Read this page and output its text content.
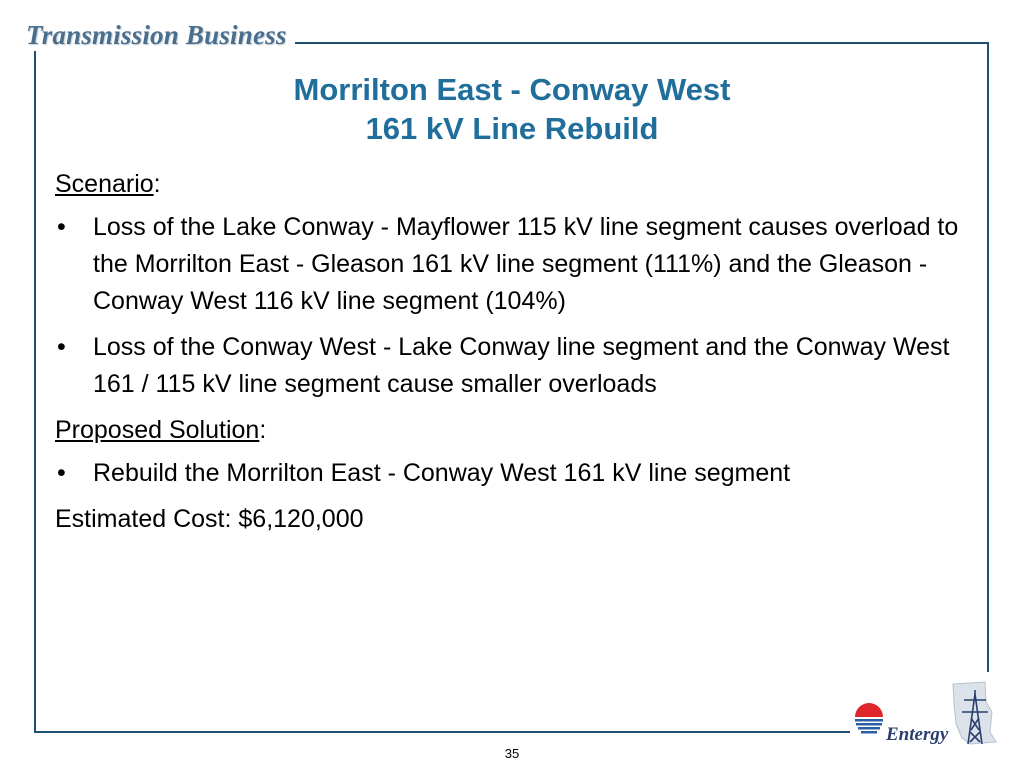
Transmission Business
Morrilton East - Conway West
161 kV Line Rebuild

Scenario:

• Loss of the Lake Conway - Mayflower 115 kV line segment causes overload to the Morrilton East - Gleason 161 kV line segment (111%) and the Gleason - Conway West 116 kV line segment (104%)
• Loss of the Conway West - Lake Conway line segment and the Conway West 161 / 115 kV line segment cause smaller overloads

Proposed Solution:

• Rebuild the Morrilton East - Conway West 161 kV line segment

Estimated Cost: $6,120,000

Entergy
35
